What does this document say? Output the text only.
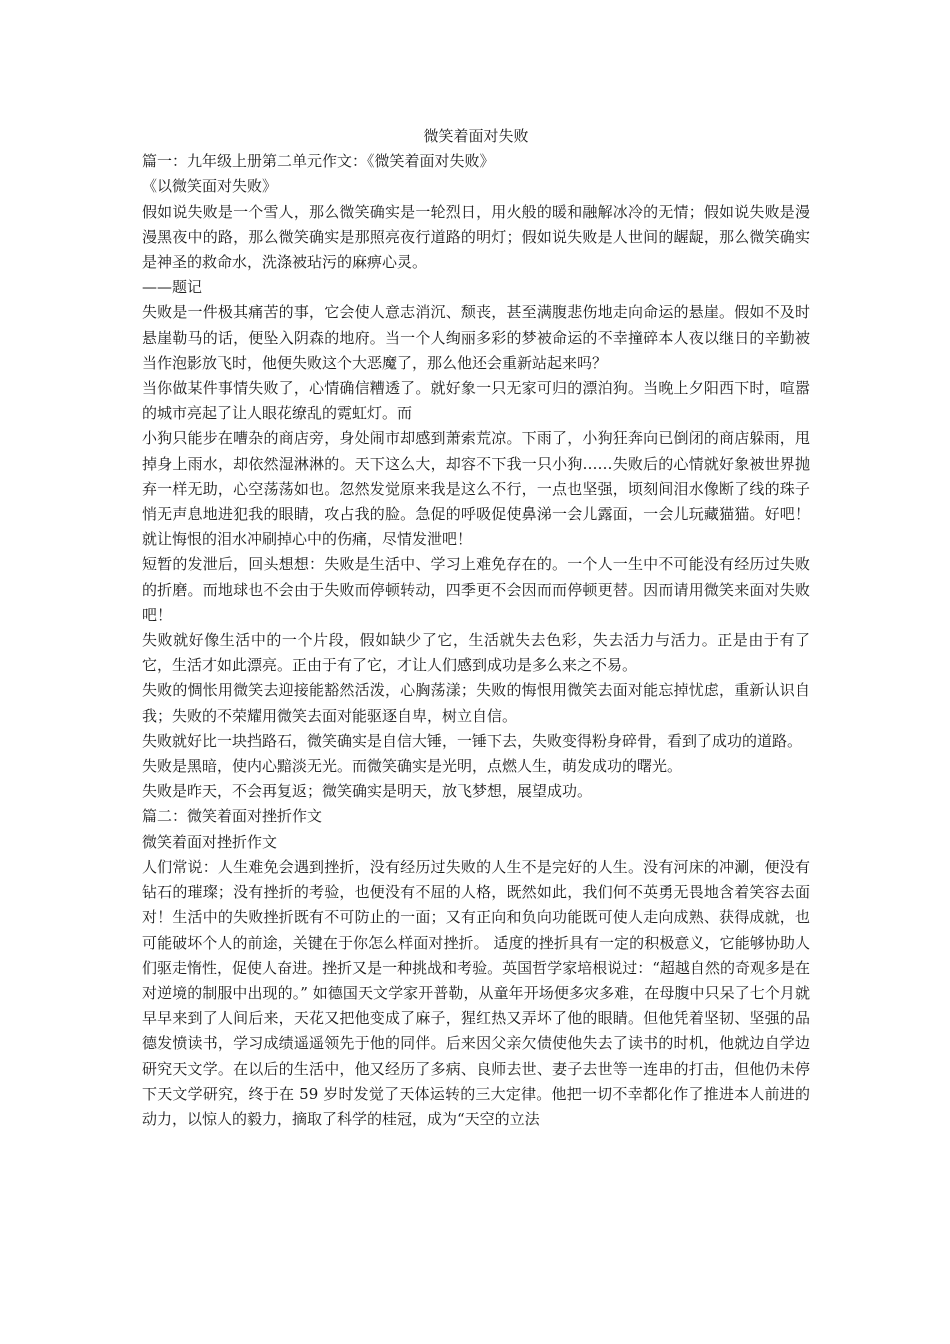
微笑着面对失败

篇一：九年级上册第二单元作文：《微笑着面对失败》

《以微笑面对失败》

假如说失败是一个雪人，那么微笑确实是一轮烈日，用火般的暖和融解冰冷的无情；假如说失败是漫漫黑夜中的路，那么微笑确实是那照亮夜行道路的明灯；假如说失败是人世间的龌龊，那么微笑确实是神圣的救命水，洗涤被玷污的麻痹心灵。

——题记

失败是一件极其痛苦的事，它会使人意志消沉、颓丧，甚至满腹悲伤地走向命运的悬崖。假如不及时悬崖勒马的话，便坠入阴森的地府。当一个人绚丽多彩的梦被命运的不幸撞碎本人夜以继日的辛勤被当作泡影放飞时，他便失败这个大恶魔了，那么他还会重新站起来吗？

当你做某件事情失败了，心情确信糟透了。就好象一只无家可归的漂泊狗。当晚上夕阳西下时，喧嚣的城市亮起了让人眼花缭乱的霓虹灯。而

小狗只能步在嘈杂的商店旁，身处闹市却感到萧索荒凉。下雨了，小狗狂奔向已倒闭的商店躲雨，甩掉身上雨水，却依然湿淋淋的。天下这么大，却容不下我一只小狗……失败后的心情就好象被世界抛弃一样无助，心空荡荡如也。忽然发觉原来我是这么不行，一点也坚强，顷刻间泪水像断了线的珠子悄无声息地进犯我的眼睛，攻占我的脸。急促的呼吸促使鼻涕一会儿露面，一会儿玩藏猫猫。好吧！就让悔恨的泪水冲刷掉心中的伤痛，尽情发泄吧！

短暂的发泄后，回头想想：失败是生活中、学习上难免存在的。一个人一生中不可能没有经历过失败的折磨。而地球也不会由于失败而停顿转动，四季更不会因而而停顿更替。因而请用微笑来面对失败吧！

失败就好像生活中的一个片段，假如缺少了它，生活就失去色彩，失去活力与活力。正是由于有了它，生活才如此漂亮。正由于有了它，才让人们感到成功是多么来之不易。

失败的惆怅用微笑去迎接能豁然活泼，心胸荡漾；失败的悔恨用微笑去面对能忘掉忧虑，重新认识自我；失败的不荣耀用微笑去面对能驱逐自卑，树立自信。

失败就好比一块挡路石，微笑确实是自信大锤，一锤下去，失败变得粉身碎骨，看到了成功的道路。

失败是黑暗，使内心黯淡无光。而微笑确实是光明，点燃人生，萌发成功的曙光。

失败是昨天，不会再复返；微笑确实是明天，放飞梦想，展望成功。

篇二：微笑着面对挫折作文

微笑着面对挫折作文

人们常说：人生难免会遇到挫折，没有经历过失败的人生不是完好的人生。没有河床的冲涮，便没有钻石的璀璨；没有挫折的考验，也便没有不屈的人格，既然如此，我们何不英勇无畏地含着笑容去面对！生活中的失败挫折既有不可防止的一面；又有正向和负向功能既可使人走向成熟、获得成就，也可能破坏个人的前途，关键在于你怎么样面对挫折。 适度的挫折具有一定的积极意义，它能够协助人们驱走惰性，促使人奋进。挫折又是一种挑战和考验。英国哲学家培根说过：“超越自然的奇观多是在对逆境的制服中出现的。” 如德国天文学家开普勒，从童年开场便多灾多难，在母腹中只呆了七个月就早早来到了人间后来，天花又把他变成了麻子，猩红热又弄坏了他的眼睛。但他凭着坚韧、坚强的品德发愤读书，学习成绩遥遥领先于他的同伴。后来因父亲欠债使他失去了读书的时机，他就边自学边研究天文学。在以后的生活中，他又经历了多病、良师去世、妻子去世等一连串的打击，但他仍未停下天文学研究，终于在 59 岁时发觉了天体运转的三大定律。他把一切不幸都化作了推进本人前进的动力，以惊人的毅力，摘取了科学的桂冠，成为“天空的立法
